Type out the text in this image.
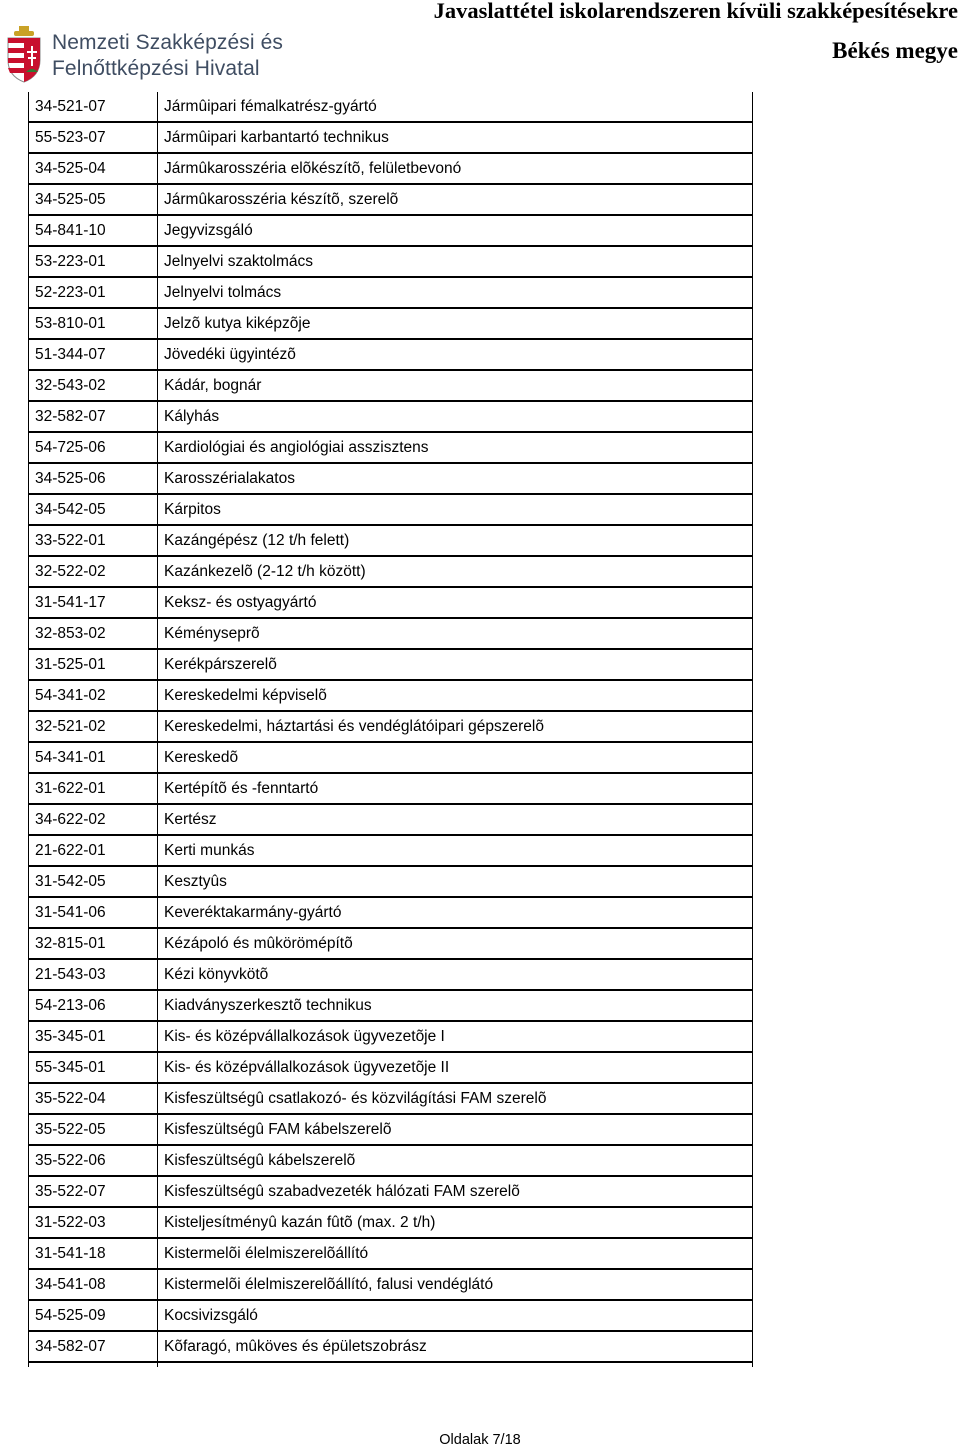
Nemzeti Szakképzési és
Felnőttképzési Hivatal
Javaslattétel iskolarendszeren kívüli szakképesítésekre
Békés megye
34-521-07	Jármûipari fémalkatrész-gyártó
55-523-07	Jármûipari karbantartó technikus
34-525-04	Jármûkarosszéria elõkészítõ, felületbevonó
34-525-05	Jármûkarosszéria készítõ, szerelõ
54-841-10	Jegyvizsgáló
53-223-01	Jelnyelvi szaktolmács
52-223-01	Jelnyelvi tolmács
53-810-01	Jelzõ kutya kiképzõje
51-344-07	Jövedéki ügyintézõ
32-543-02	Kádár, bognár
32-582-07	Kályhás
54-725-06	Kardiológiai és angiológiai asszisztens
34-525-06	Karosszérialakatos
34-542-05	Kárpitos
33-522-01	Kazángépész (12 t/h felett)
32-522-02	Kazánkezelõ (2-12 t/h között)
31-541-17	Keksz- és ostyagyártó
32-853-02	Kéményseprõ
31-525-01	Kerékpárszerelõ
54-341-02	Kereskedelmi képviselõ
32-521-02	Kereskedelmi, háztartási és vendéglátóipari gépszerelõ
54-341-01	Kereskedõ
31-622-01	Kertépítõ és -fenntartó
34-622-02	Kertész
21-622-01	Kerti munkás
31-542-05	Kesztyûs
31-541-06	Keveréktakarmány-gyártó
32-815-01	Kézápoló és mûkörömépítõ
21-543-03	Kézi könyvkötõ
54-213-06	Kiadványszerkesztõ technikus
35-345-01	Kis- és középvállalkozások ügyvezetõje I
55-345-01	Kis- és középvállalkozások ügyvezetõje II
35-522-04	Kisfeszültségû csatlakozó- és közvilágítási FAM szerelõ
35-522-05	Kisfeszültségû FAM kábelszerelõ
35-522-06	Kisfeszültségû kábelszerelõ
35-522-07	Kisfeszültségû szabadvezeték hálózati FAM szerelõ
31-522-03	Kisteljesítményû kazán fûtõ (max. 2 t/h)
31-541-18	Kistermelõi élelmiszerelõállító
34-541-08	Kistermelõi élelmiszerelõállító, falusi vendéglátó
54-525-09	Kocsivizsgáló
34-582-07	Kõfaragó, mûköves és épületszobrász

Oldalak 7/18
